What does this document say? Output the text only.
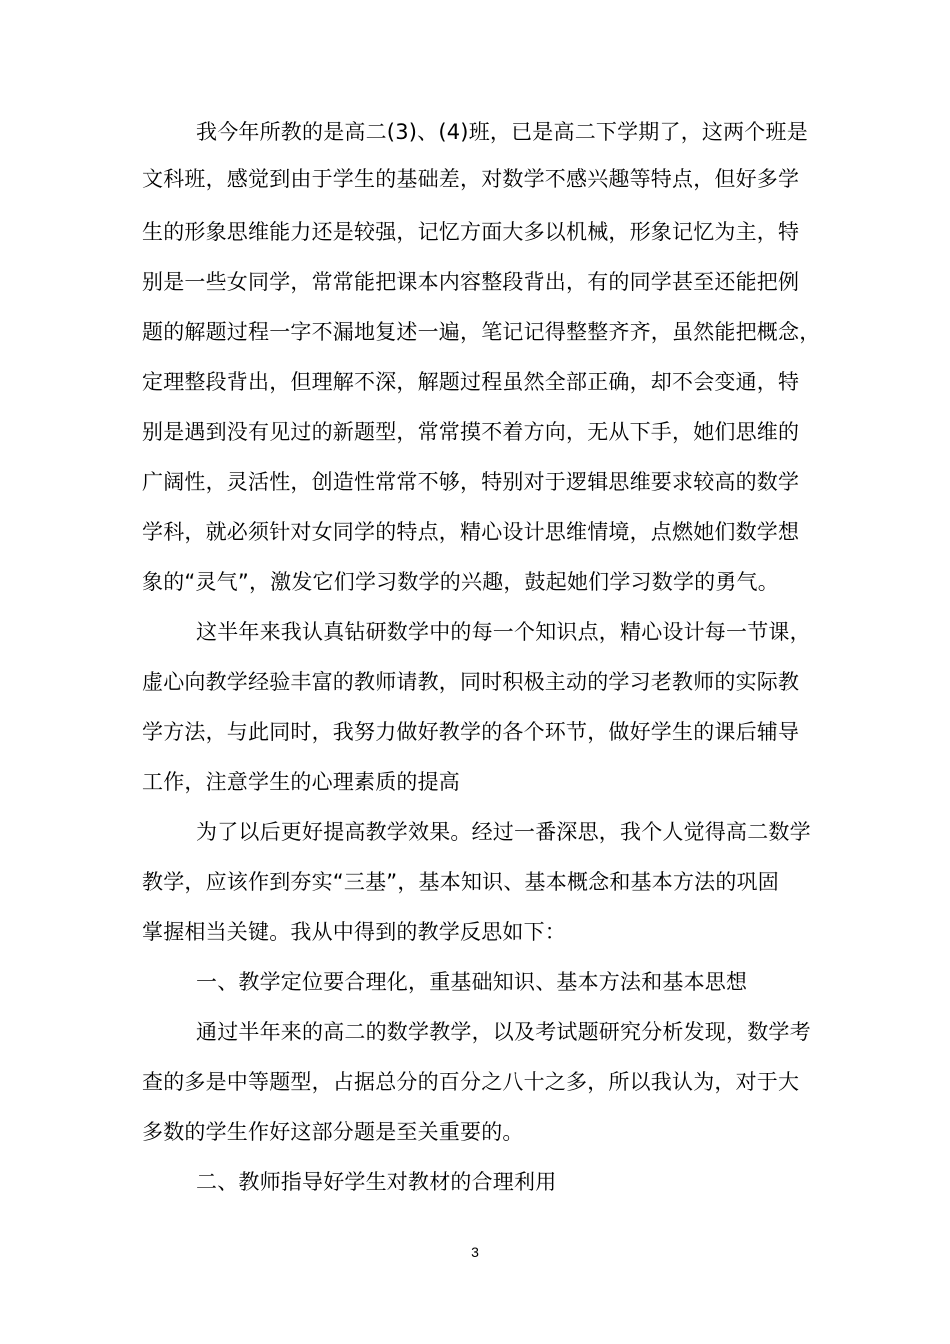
我今年所教的是高二(3)、(4)班，已是高二下学期了，这两个班是
文科班，感觉到由于学生的基础差，对数学不感兴趣等特点，但好多学
生的形象思维能力还是较强，记忆方面大多以机械，形象记忆为主，特
别是一些女同学，常常能把课本内容整段背出，有的同学甚至还能把例
题的解题过程一字不漏地复述一遍，笔记记得整整齐齐，虽然能把概念，
定理整段背出，但理解不深，解题过程虽然全部正确，却不会变通，特
别是遇到没有见过的新题型，常常摸不着方向，无从下手，她们思维的
广阔性，灵活性，创造性常常不够，特别对于逻辑思维要求较高的数学
学科，就必须针对女同学的特点，精心设计思维情境，点燃她们数学想
象的“灵气”，激发它们学习数学的兴趣，鼓起她们学习数学的勇气。
这半年来我认真钻研数学中的每一个知识点，精心设计每一节课，
虚心向教学经验丰富的教师请教，同时积极主动的学习老教师的实际教
学方法，与此同时，我努力做好教学的各个环节，做好学生的课后辅导
工作，注意学生的心理素质的提高
为了以后更好提高教学效果。经过一番深思，我个人觉得高二数学
教学，应该作到夯实“三基”，基本知识、基本概念和基本方法的巩固
掌握相当关键。我从中得到的教学反思如下：
一、教学定位要合理化，重基础知识、基本方法和基本思想
通过半年来的高二的数学教学，以及考试题研究分析发现，数学考
查的多是中等题型，占据总分的百分之八十之多，所以我认为，对于大
多数的学生作好这部分题是至关重要的。
二、教师指导好学生对教材的合理利用
3
